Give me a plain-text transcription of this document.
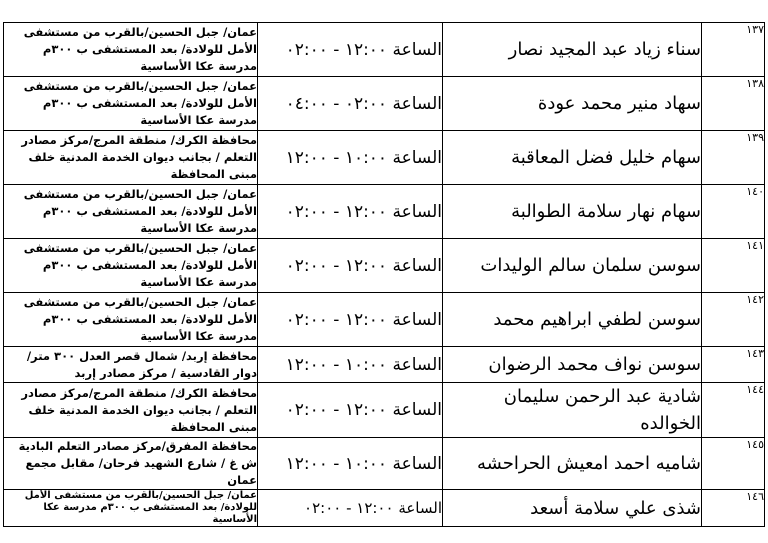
عمان/ جبل الحسين/بالقرب من مستشفى الأمل للولادة/ بعد المستشفى ب ٣٠٠م مدرسة عكا الأساسية	الساعة ١٢:٠٠ - ٠٢:٠٠	سناء زياد عبد المجيد نصار	١٣٧
عمان/ جبل الحسين/بالقرب من مستشفى الأمل للولادة/ بعد المستشفى ب ٣٠٠م مدرسة عكا الأساسية	الساعة ٠٢:٠٠ - ٠٤:٠٠	سهاد منير محمد عودة	١٣٨
محافظة الكرك/ منطقة المرج/مركز مصادر التعلم / بجانب ديوان الخدمة المدنية خلف مبنى المحافظة	الساعة ١٠:٠٠ - ١٢:٠٠	سهام خليل فضل المعاقبة	١٣٩
عمان/ جبل الحسين/بالقرب من مستشفى الأمل للولادة/ بعد المستشفى ب ٣٠٠م مدرسة عكا الأساسية	الساعة ١٢:٠٠ - ٠٢:٠٠	سهام نهار سلامة الطوالبة	١٤٠
عمان/ جبل الحسين/بالقرب من مستشفى الأمل للولادة/ بعد المستشفى ب ٣٠٠م مدرسة عكا الأساسية	الساعة ١٢:٠٠ - ٠٢:٠٠	سوسن سلمان سالم الوليدات	١٤١
عمان/ جبل الحسين/بالقرب من مستشفى الأمل للولادة/ بعد المستشفى ب ٣٠٠م مدرسة عكا الأساسية	الساعة ١٢:٠٠ - ٠٢:٠٠	سوسن لطفي ابراهيم محمد	١٤٢
محافظة إربد/ شمال قصر العدل ٣٠٠ متر/ دوار القادسية / مركز مصادر إربد	الساعة ١٠:٠٠ - ١٢:٠٠	سوسن نواف محمد الرضوان	١٤٣
محافظة الكرك/ منطقة المرج/مركز مصادر التعلم / بجانب ديوان الخدمة المدنية خلف مبنى المحافظة	الساعة ١٢:٠٠ - ٠٢:٠٠	شادية عبد الرحمن سليمان الخوالده	١٤٤
محافظة المفرق/مركز مصادر التعلم البادية ش غ / شارع الشهيد فرحان/ مقابل مجمع عمان	الساعة ١٠:٠٠ - ١٢:٠٠	شاميه احمد امعيش الحراحشه	١٤٥
عمان/ جبل الحسين/بالقرب من مستشفى الأمل للولادة/ بعد المستشفى ب ٣٠٠م مدرسة عكا الأساسية	الساعة ١٢:٠٠ - ٠٢:٠٠	شذى علي سلامة أسعد	١٤٦
